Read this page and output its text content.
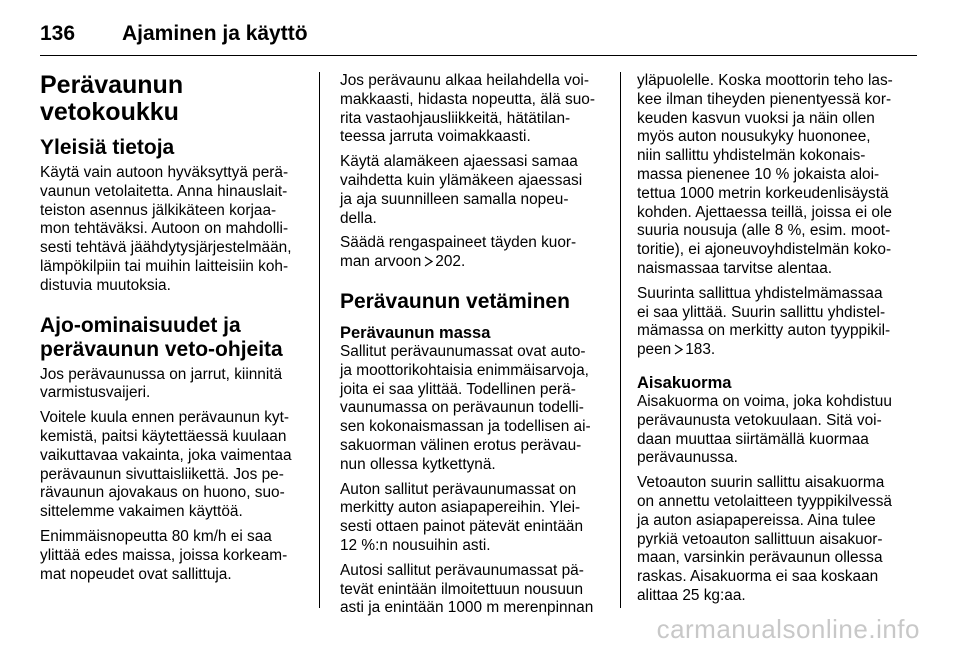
136 Ajaminen ja käyttö
Perävaunun
vetokoukku
Yleisiä tietoja
Käytä vain autoon hyväksyttyä perä-
vaunun vetolaitetta. Anna hinauslait-
teiston asennus jälkikäteen korjaa-
mon tehtäväksi. Autoon on mahdolli-
sesti tehtävä jäähdytysjärjestelmään,
lämpökilpiin tai muihin laitteisiin koh-
distuvia muutoksia.
Ajo-ominaisuudet ja
perävaunun veto-ohjeita
Jos perävaunussa on jarrut, kiinnitä
varmistusvaijeri.
Voitele kuula ennen perävaunun kyt-
kemistä, paitsi käytettäessä kuulaan
vaikuttavaa vakainta, joka vaimentaa
perävaunun sivuttaisliikettä. Jos pe-
rävaunun ajovakaus on huono, suo-
sittelemme vakaimen käyttöä.
Enimmäisnopeutta 80 km/h ei saa
ylittää edes maissa, joissa korkeam-
mat nopeudet ovat sallittuja.
Jos perävaunu alkaa heilahdella voi-
makkaasti, hidasta nopeutta, älä suo-
rita vastaohjausliikkeitä, hätätilan-
teessa jarruta voimakkaasti.
Käytä alamäkeen ajaessasi samaa
vaihdetta kuin ylämäkeen ajaessasi
ja aja suunnilleen samalla nopeu-
della.
Säädä rengaspaineet täyden kuor-
man arvoon 202.
Perävaunun vetäminen
Perävaunun massa
Sallitut perävaunumassat ovat auto-
ja moottorikohtaisia enimmäisarvoja,
joita ei saa ylittää. Todellinen perä-
vaunumassa on perävaunun todelli-
sen kokonaismassan ja todellisen ai-
sakuorman välinen erotus perävau-
nun ollessa kytkettynä.
Auton sallitut perävaunumassat on
merkitty auton asiapapereihin. Ylei-
sesti ottaen painot pätevät enintään
12 %:n nousuihin asti.
Autosi sallitut perävaunumassat pä-
tevät enintään ilmoitettuun nousuun
asti ja enintään 1000 m merenpinnan
yläpuolelle. Koska moottorin teho las-
kee ilman tiheyden pienentyessä kor-
keuden kasvun vuoksi ja näin ollen
myös auton nousukyky huononee,
niin sallittu yhdistelmän kokonais-
massa pienenee 10 % jokaista aloi-
tettua 1000 metrin korkeudenlisäystä
kohden. Ajettaessa teillä, joissa ei ole
suuria nousuja (alle 8 %, esim. moot-
toritie), ei ajoneuvoyhdistelmän koko-
naismassaa tarvitse alentaa.
Suurinta sallittua yhdistelmämassaa
ei saa ylittää. Suurin sallittu yhdistel-
mämassa on merkitty auton tyyppikil-
peen 183.
Aisakuorma
Aisakuorma on voima, joka kohdistuu
perävaunusta vetokuulaan. Sitä voi-
daan muuttaa siirtämällä kuormaa
perävaunussa.
Vetoauton suurin sallittu aisakuorma
on annettu vetolaitteen tyyppikilvessä
ja auton asiapapereissa. Aina tulee
pyrkiä vetoauton sallittuun aisakuor-
maan, varsinkin perävaunun ollessa
raskas. Aisakuorma ei saa koskaan
alittaa 25 kg:aa.
carmanualsonline.info
